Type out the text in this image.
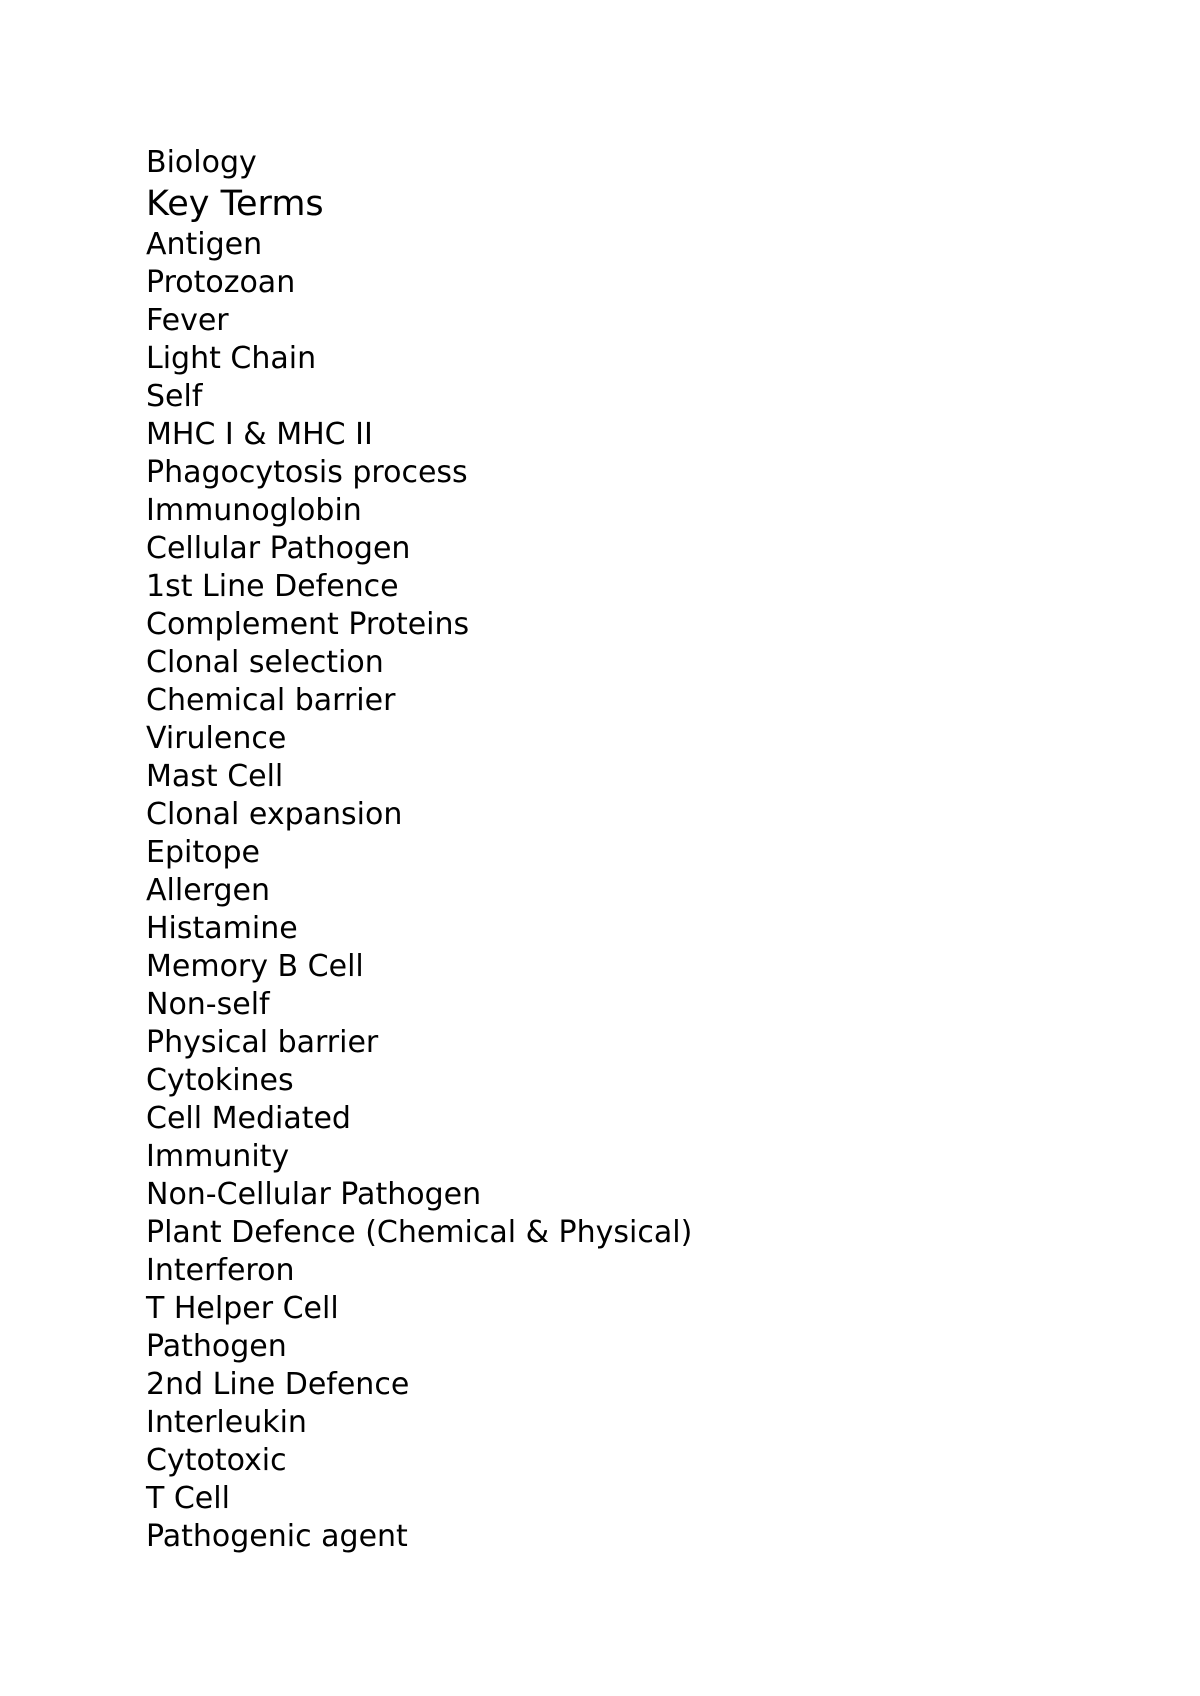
Biology
Key Terms
Antigen
Protozoan
Fever
Light Chain
Self
MHC I & MHC II
Phagocytosis process
Immunoglobin
Cellular Pathogen
1st Line Defence
Complement Proteins
Clonal selection
Chemical barrier
Virulence
Mast Cell
Clonal expansion
Epitope
Allergen
Histamine
Memory B Cell
Non-self
Physical barrier
Cytokines
Cell Mediated
Immunity
Non-Cellular Pathogen
Plant Defence (Chemical & Physical)
Interferon
T Helper Cell
Pathogen
2nd Line Defence
Interleukin
Cytotoxic
T Cell
Pathogenic agent
